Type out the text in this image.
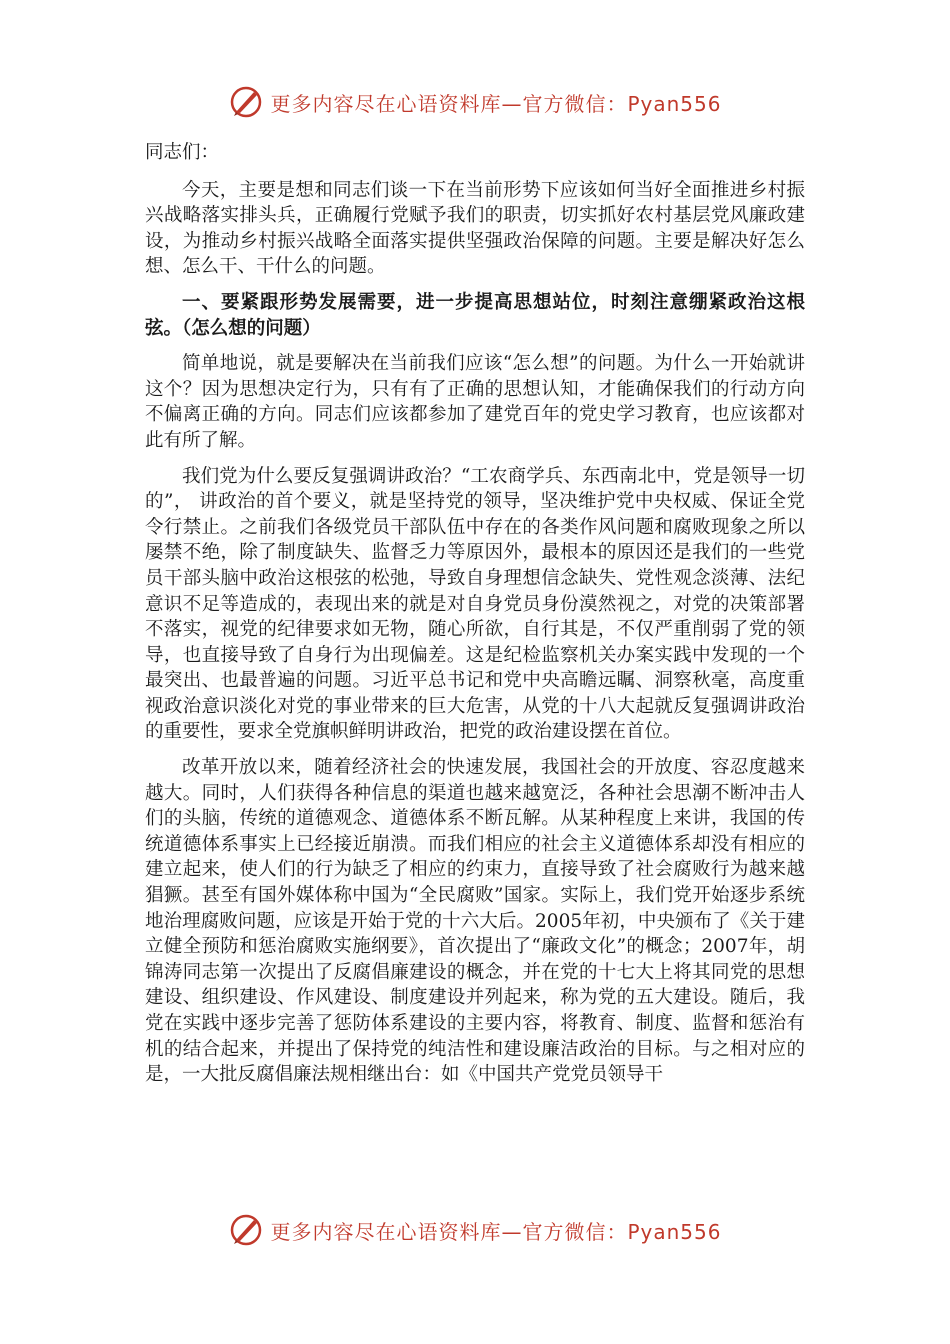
更多内容尽在心语资料库—官方微信：Pyan556

同志们：

今天，主要是想和同志们谈一下在当前形势下应该如何当好全面推进乡村振兴战略落实排头兵，正确履行党赋予我们的职责，切实抓好农村基层党风廉政建设，为推动乡村振兴战略全面落实提供坚强政治保障的问题。主要是解决好怎么想、怎么干、干什么的问题。

一、要紧跟形势发展需要，进一步提高思想站位，时刻注意绷紧政治这根弦。（怎么想的问题）

简单地说，就是要解决在当前我们应该“怎么想”的问题。为什么一开始就讲这个？因为思想决定行为，只有有了正确的思想认知，才能确保我们的行动方向不偏离正确的方向。同志们应该都参加了建党百年的党史学习教育，也应该都对此有所了解。

我们党为什么要反复强调讲政治？“工农商学兵、东西南北中，党是领导一切的”， 讲政治的首个要义，就是坚持党的领导，坚决维护党中央权威、保证全党令行禁止。之前我们各级党员干部队伍中存在的各类作风问题和腐败现象之所以屡禁不绝，除了制度缺失、监督乏力等原因外，最根本的原因还是我们的一些党员干部头脑中政治这根弦的松弛，导致自身理想信念缺失、党性观念淡薄、法纪意识不足等造成的，表现出来的就是对自身党员身份漠然视之，对党的决策部署不落实，视党的纪律要求如无物，随心所欲，自行其是，不仅严重削弱了党的领导，也直接导致了自身行为出现偏差。这是纪检监察机关办案实践中发现的一个最突出、也最普遍的问题。习近平总书记和党中央高瞻远瞩、洞察秋毫，高度重视政治意识淡化对党的事业带来的巨大危害，从党的十八大起就反复强调讲政治的重要性，要求全党旗帜鲜明讲政治，把党的政治建设摆在首位。

改革开放以来，随着经济社会的快速发展，我国社会的开放度、容忍度越来越大。同时，人们获得各种信息的渠道也越来越宽泛，各种社会思潮不断冲击人们的头脑，传统的道德观念、道德体系不断瓦解。从某种程度上来讲，我国的传统道德体系事实上已经接近崩溃。而我们相应的社会主义道德体系却没有相应的建立起来，使人们的行为缺乏了相应的约束力，直接导致了社会腐败行为越来越猖獗。甚至有国外媒体称中国为“全民腐败”国家。实际上，我们党开始逐步系统地治理腐败问题，应该是开始于党的十六大后。2005年初，中央颁布了《关于建立健全预防和惩治腐败实施纲要》，首次提出了“廉政文化”的概念；2007年，胡锦涛同志第一次提出了反腐倡廉建设的概念，并在党的十七大上将其同党的思想建设、组织建设、作风建设、制度建设并列起来，称为党的五大建设。随后，我党在实践中逐步完善了惩防体系建设的主要内容，将教育、制度、监督和惩治有机的结合起来，并提出了保持党的纯洁性和建设廉洁政治的目标。与之相对应的是，一大批反腐倡廉法规相继出台：如《中国共产党党员领导干

更多内容尽在心语资料库—官方微信：Pyan556
